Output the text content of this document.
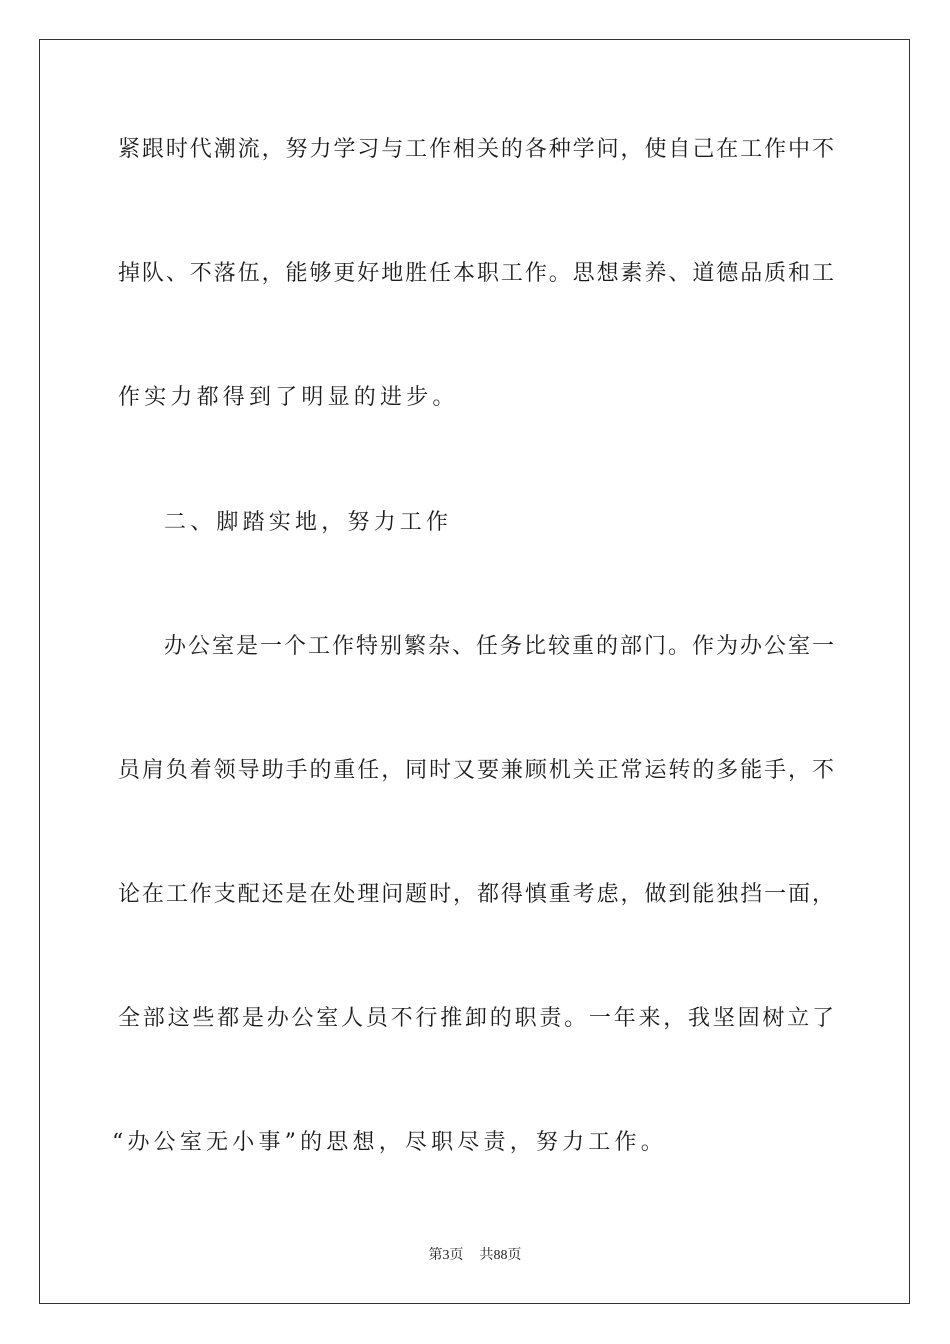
紧跟时代潮流，努力学习与工作相关的各种学问，使自己在工作中不
掉队、不落伍，能够更好地胜任本职工作。思想素养、道德品质和工
作实力都得到了明显的进步。
二、脚踏实地，努力工作
办公室是一个工作特别繁杂、任务比较重的部门。作为办公室一
员肩负着领导助手的重任，同时又要兼顾机关正常运转的多能手，不
论在工作支配还是在处理问题时，都得慎重考虑，做到能独挡一面，
全部这些都是办公室人员不行推卸的职责。一年来，我坚固树立了
“办公室无小事”的思想，尽职尽责，努力工作。
第3页 共88页
